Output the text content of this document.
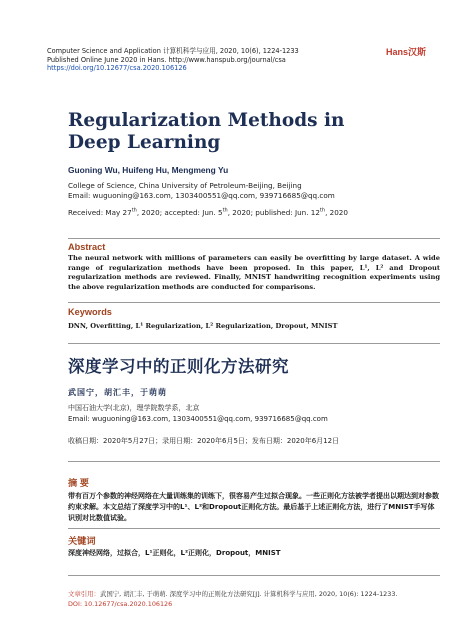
Computer Science and Application 计算机科学与应用, 2020, 10(6), 1224-1233
Published Online June 2020 in Hans. http://www.hanspub.org/journal/csa
https://doi.org/10.12677/csa.2020.106126
Hans汉斯
Regularization Methods in
Deep Learning
Guoning Wu, Huifeng Hu, Mengmeng Yu
College of Science, China University of Petroleum-Beijing, Beijing
Email: wuguoning@163.com, 1303400551@qq.com, 939716685@qq.com
Received: May 27th, 2020; accepted: Jun. 5th, 2020; published: Jun. 12th, 2020
Abstract
The neural network with millions of parameters can easily be overfitting by large dataset. A wide range of regularization methods have been proposed. In this paper, L¹, L² and Dropout regularization methods are reviewed. Finally, MNIST handwriting recognition experiments using the above regularization methods are conducted for comparisons.
Keywords
DNN, Overfitting, L¹ Regularization, L² Regularization, Dropout, MNIST
深度学习中的正则化方法研究
武国宁，胡汇丰，于萌萌
中国石油大学(北京)，理学院数学系，北京
Email: wuguoning@163.com, 1303400551@qq.com, 939716685@qq.com
收稿日期：2020年5月27日；录用日期：2020年6月5日；发布日期：2020年6月12日
摘 要
带有百万个参数的神经网络在大量训练集的训练下，很容易产生过拟合现象。一些正则化方法被学者提出以期达到对参数约束求解。本文总结了深度学习中的L¹、L²和Dropout正则化方法。最后基于上述正则化方法，进行了MNIST手写体识别对比数值试验。
关键词
深度神经网络，过拟合，L¹正则化，L²正则化，Dropout，MNIST
文章引用：武国宁, 胡汇丰, 于萌萌. 深度学习中的正则化方法研究[J]. 计算机科学与应用, 2020, 10(6): 1224-1233.
DOI: 10.12677/csa.2020.106126
